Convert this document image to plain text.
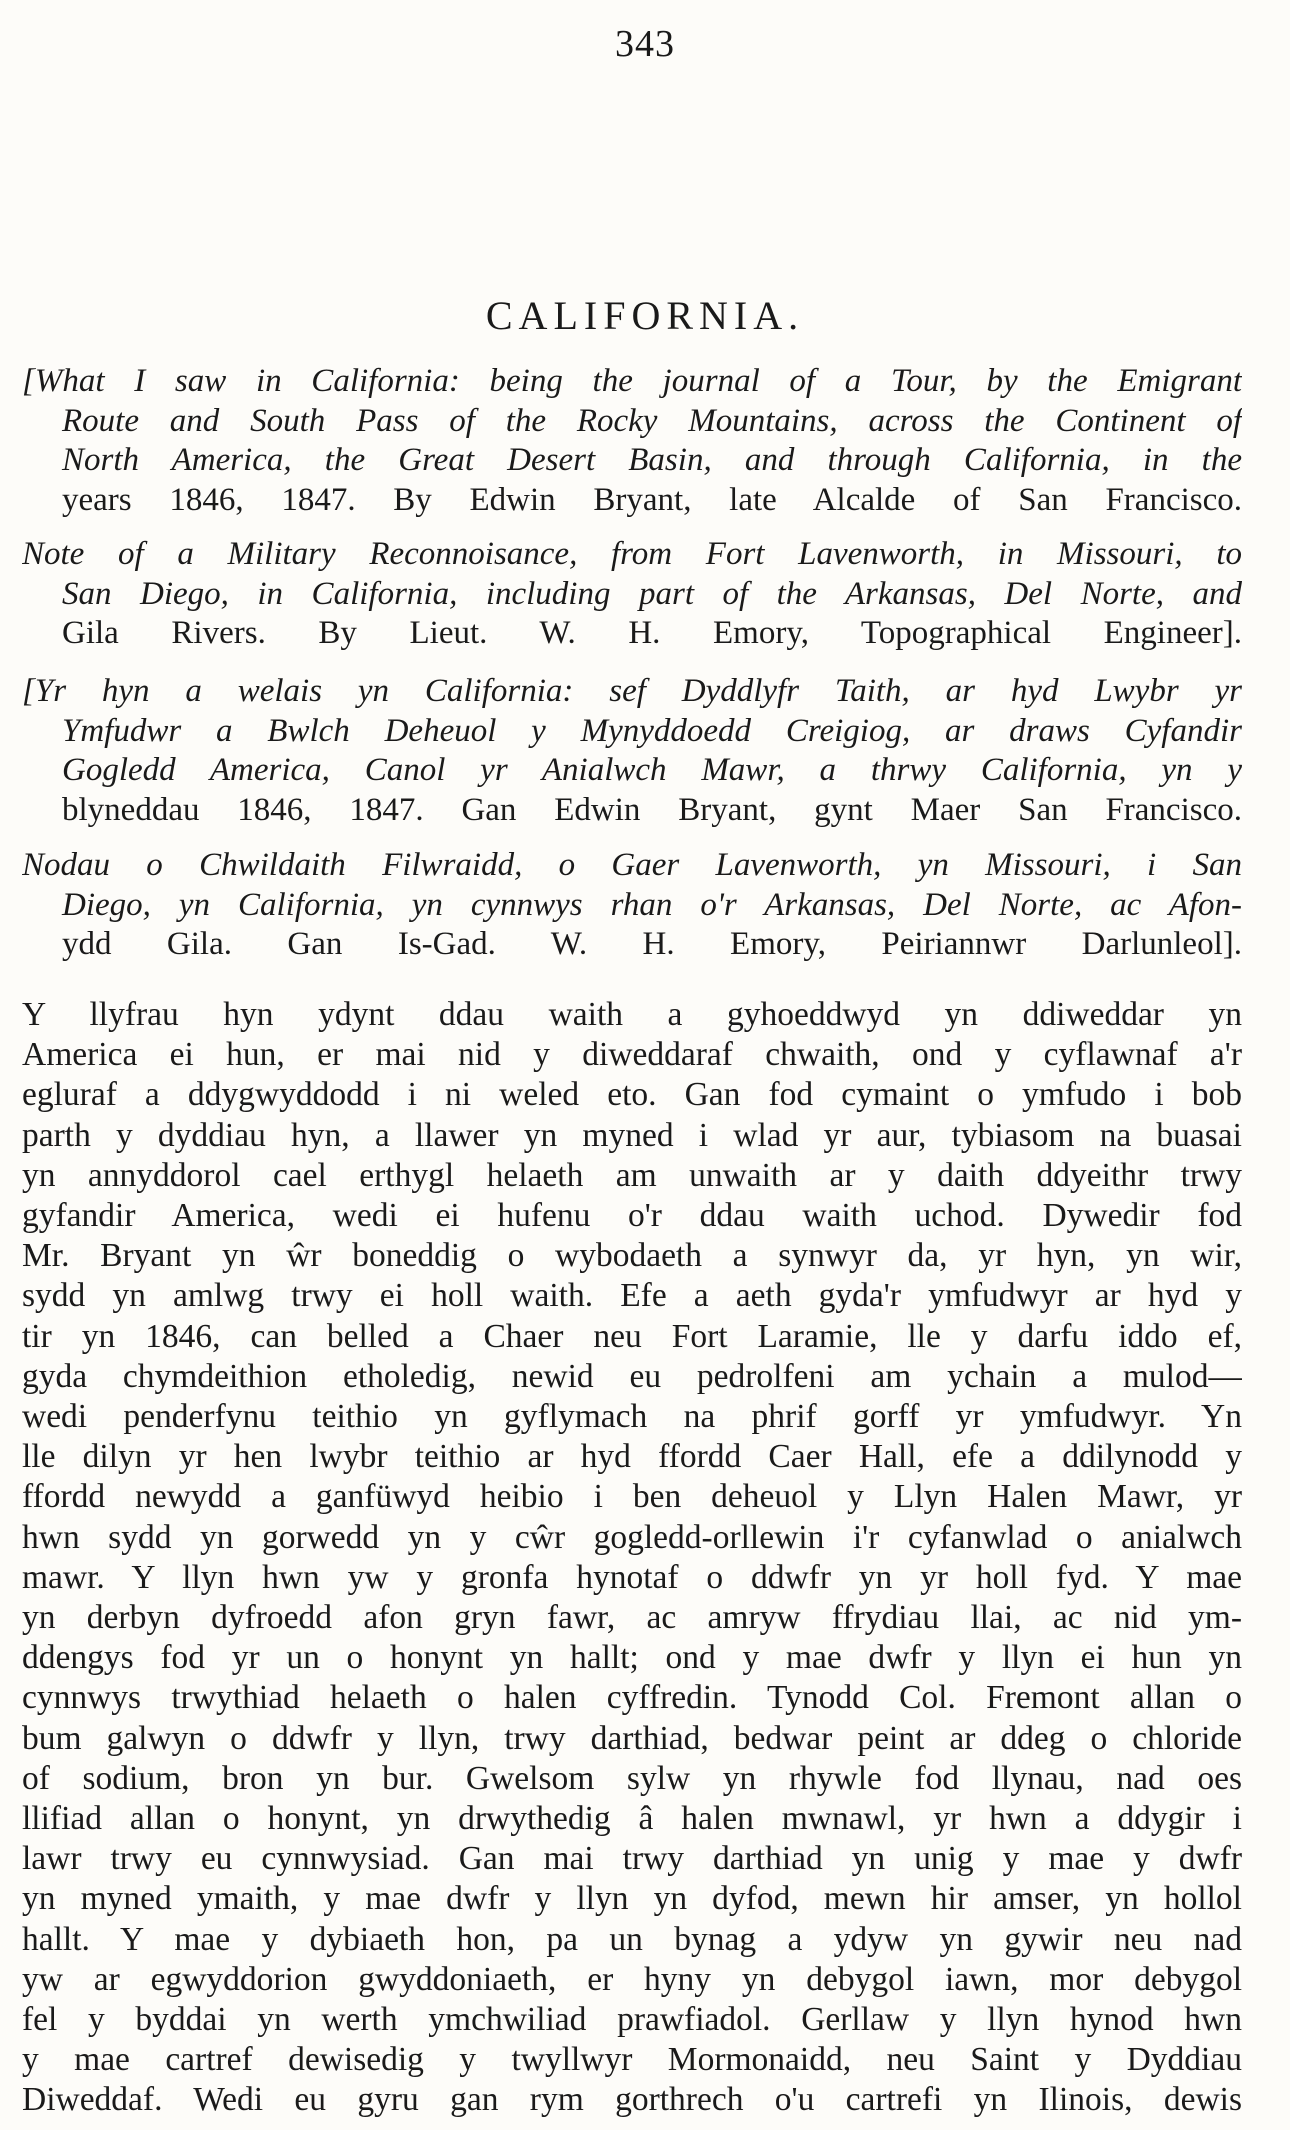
343
CALIFORNIA.
[What I saw in California: being the journal of a Tour, by the Emigrant
Route and South Pass of the Rocky Mountains, across the Continent of
North America, the Great Desert Basin, and through California, in the
years 1846, 1847. By Edwin Bryant, late Alcalde of San Francisco.
Note of a Military Reconnoisance, from Fort Lavenworth, in Missouri, to
San Diego, in California, including part of the Arkansas, Del Norte, and
Gila Rivers. By Lieut. W. H. Emory, Topographical Engineer].
[Yr hyn a welais yn California: sef Dyddlyfr Taith, ar hyd Lwybr yr
Ymfudwr a Bwlch Deheuol y Mynyddoedd Creigiog, ar draws Cyfandir
Gogledd America, Canol yr Anialwch Mawr, a thrwy California, yn y
blyneddau 1846, 1847. Gan Edwin Bryant, gynt Maer San Francisco.
Nodau o Chwildaith Filwraidd, o Gaer Lavenworth, yn Missouri, i San
Diego, yn California, yn cynnwys rhan o'r Arkansas, Del Norte, ac Afon-
ydd Gila. Gan Is-Gad. W. H. Emory, Peiriannwr Darlunleol].
Y llyfrau hyn ydynt ddau waith a gyhoeddwyd yn ddiweddar yn
America ei hun, er mai nid y diweddaraf chwaith, ond y cyflawnaf a'r
egluraf a ddygwyddodd i ni weled eto. Gan fod cymaint o ymfudo i bob
parth y dyddiau hyn, a llawer yn myned i wlad yr aur, tybiasom na buasai
yn annyddorol cael erthygl helaeth am unwaith ar y daith ddyeithr trwy
gyfandir America, wedi ei hufenu o'r ddau waith uchod. Dywedir fod
Mr. Bryant yn ŵr boneddig o wybodaeth a synwyr da, yr hyn, yn wir,
sydd yn amlwg trwy ei holl waith. Efe a aeth gyda'r ymfudwyr ar hyd y
tir yn 1846, can belled a Chaer neu Fort Laramie, lle y darfu iddo ef,
gyda chymdeithion etholedig, newid eu pedrolfeni am ychain a mulod—
wedi penderfynu teithio yn gyflymach na phrif gorff yr ymfudwyr. Yn
lle dilyn yr hen lwybr teithio ar hyd ffordd Caer Hall, efe a ddilynodd y
ffordd newydd a ganfüwyd heibio i ben deheuol y Llyn Halen Mawr, yr
hwn sydd yn gorwedd yn y cŵr gogledd-orllewin i'r cyfanwlad o anialwch
mawr. Y llyn hwn yw y gronfa hynotaf o ddwfr yn yr holl fyd. Y mae
yn derbyn dyfroedd afon gryn fawr, ac amryw ffrydiau llai, ac nid ym-
ddengys fod yr un o honynt yn hallt; ond y mae dwfr y llyn ei hun yn
cynnwys trwythiad helaeth o halen cyffredin. Tynodd Col. Fremont allan o
bum galwyn o ddwfr y llyn, trwy darthiad, bedwar peint ar ddeg o chloride
of sodium, bron yn bur. Gwelsom sylw yn rhywle fod llynau, nad oes
llifiad allan o honynt, yn drwythedig â halen mwnawl, yr hwn a ddygir i
lawr trwy eu cynnwysiad. Gan mai trwy darthiad yn unig y mae y dwfr
yn myned ymaith, y mae dwfr y llyn yn dyfod, mewn hir amser, yn hollol
hallt. Y mae y dybiaeth hon, pa un bynag a ydyw yn gywir neu nad
yw ar egwyddorion gwyddoniaeth, er hyny yn debygol iawn, mor debygol
fel y byddai yn werth ymchwiliad prawfiadol. Gerllaw y llyn hynod hwn
y mae cartref dewisedig y twyllwyr Mormonaidd, neu Saint y Dyddiau
Diweddaf. Wedi eu gyru gan rym gorthrech o'u cartrefi yn Ilinois, dewis
